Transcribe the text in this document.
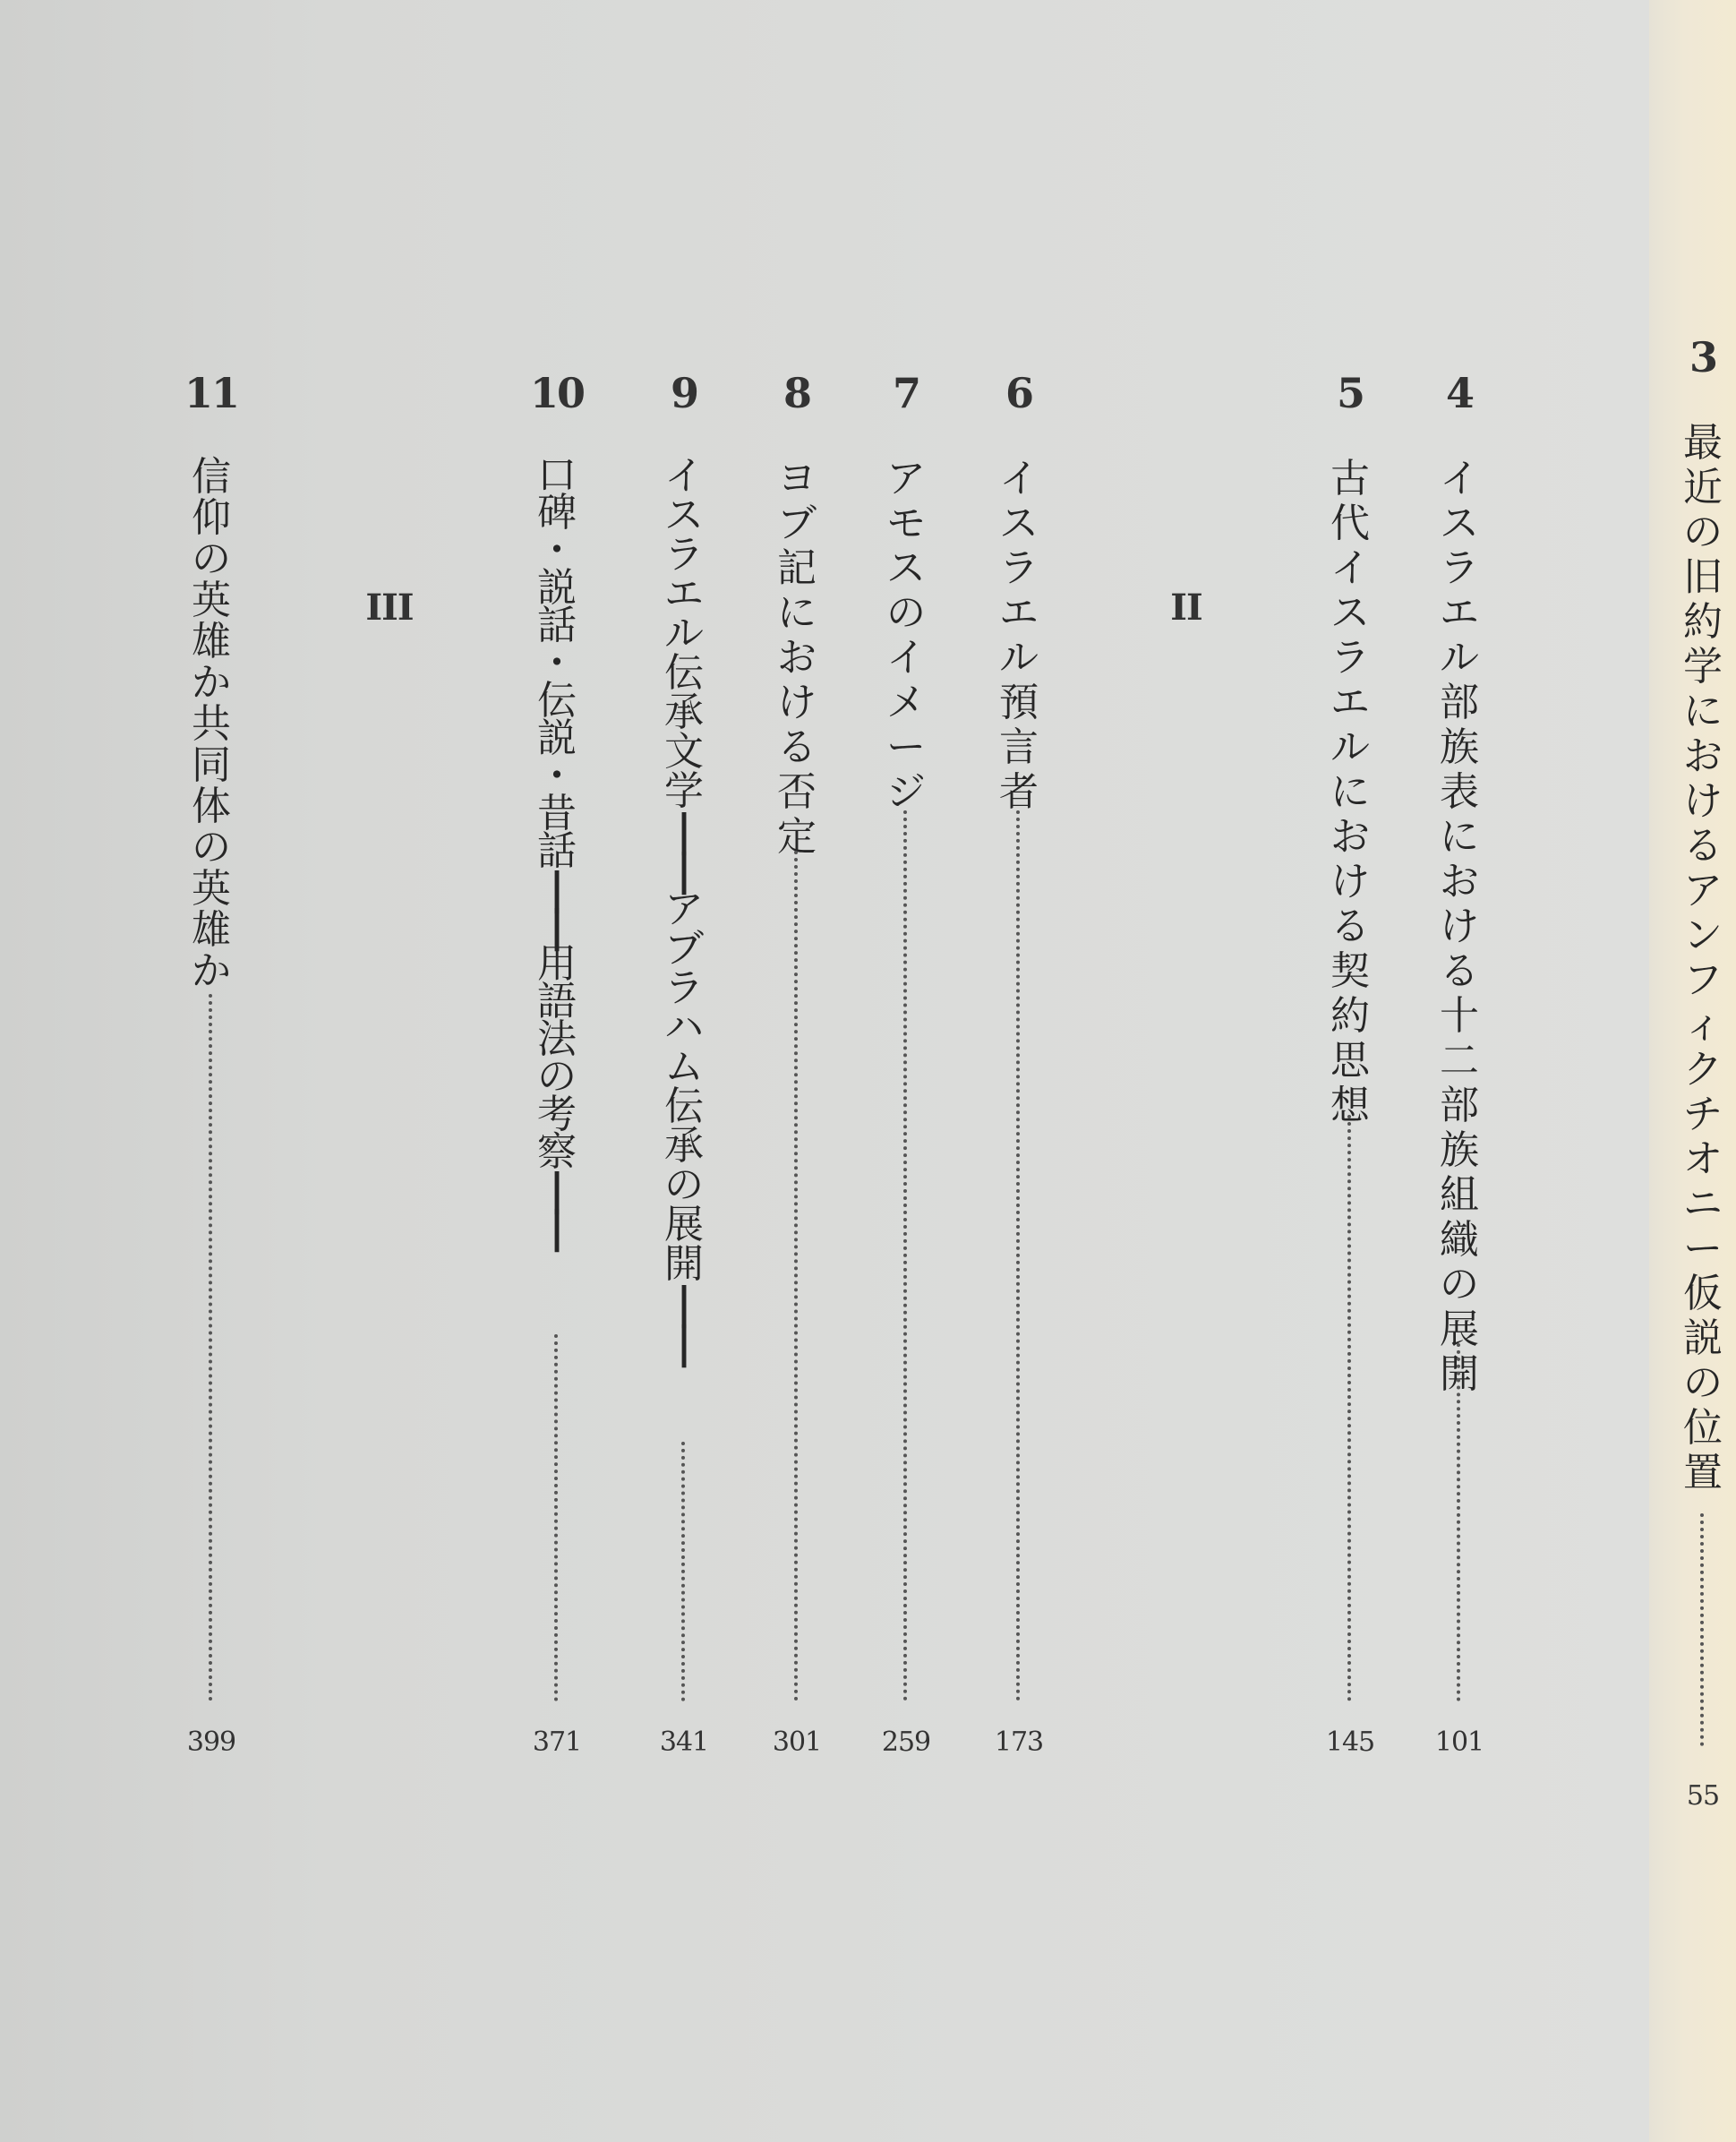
3
最
近
の
旧
約
学
に
お
け
る
ア
ン
フ
ィ
ク
チ
オ
ニ
ー
仮
説
の
位
置
55
4
イ
ス
ラ
エ
ル
部
族
表
に
お
け
る
十
二
部
族
組
織
の
展
開
101
5
古
代
イ
ス
ラ
エ
ル
に
お
け
る
契
約
思
想
145
II
6
イ
ス
ラ
エ
ル
預
言
者
173
7
ア
モ
ス
の
イ
メ
ー
ジ
259
8
ヨ
ブ
記
に
お
け
る
否
定
301
9
イ
ス
ラ
エ
ル
伝
承
文
学
|
|
ア
ブ
ラ
ハ
ム
伝
承
の
展
開
|
|
341
10
口
碑
・
説
話
・
伝
説
・
昔
話
|
|
用
語
法
の
考
察
|
|
371
III
11
信
仰
の
英
雄
か
共
同
体
の
英
雄
か
399
